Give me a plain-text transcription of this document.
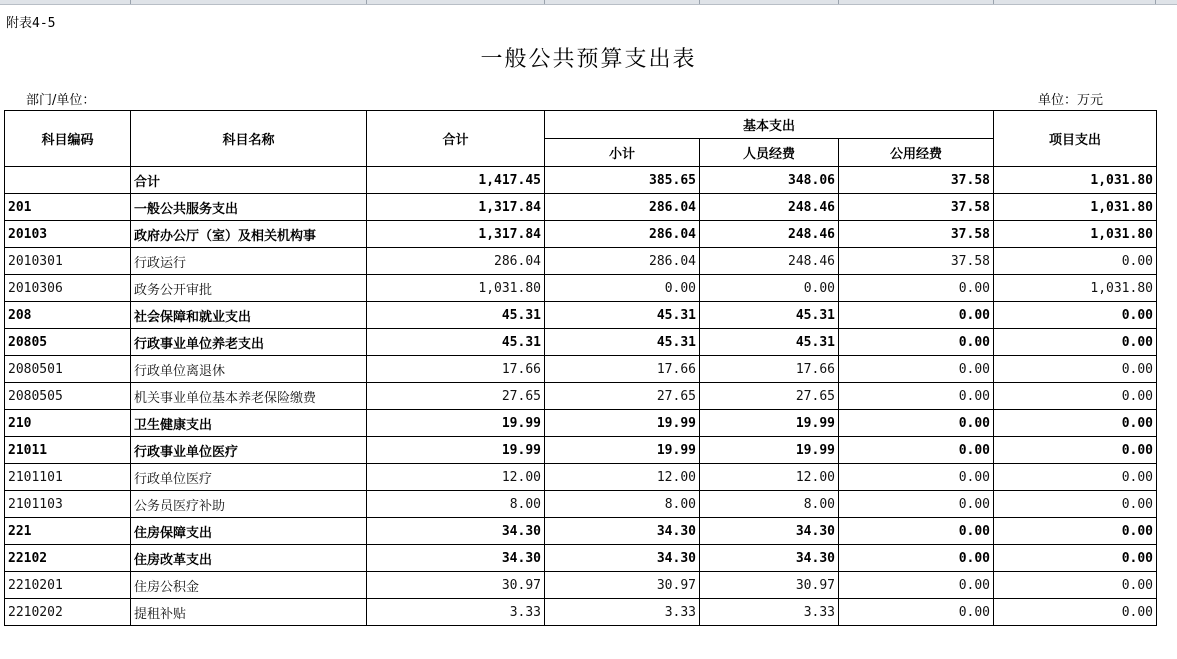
附表4-5
一般公共预算支出表
部门/单位：	单位：万元
科目编码	科目名称	合计	基本支出			项目支出
			小计	人员经费	公用经费	
	合计	1,417.45	385.65	348.06	37.58	1,031.80
201	一般公共服务支出	1,317.84	286.04	248.46	37.58	1,031.80
20103	政府办公厅（室）及相关机构事	1,317.84	286.04	248.46	37.58	1,031.80
2010301	行政运行	286.04	286.04	248.46	37.58	0.00
2010306	政务公开审批	1,031.80	0.00	0.00	0.00	1,031.80
208	社会保障和就业支出	45.31	45.31	45.31	0.00	0.00
20805	行政事业单位养老支出	45.31	45.31	45.31	0.00	0.00
2080501	行政单位离退休	17.66	17.66	17.66	0.00	0.00
2080505	机关事业单位基本养老保险缴费	27.65	27.65	27.65	0.00	0.00
210	卫生健康支出	19.99	19.99	19.99	0.00	0.00
21011	行政事业单位医疗	19.99	19.99	19.99	0.00	0.00
2101101	行政单位医疗	12.00	12.00	12.00	0.00	0.00
2101103	公务员医疗补助	8.00	8.00	8.00	0.00	0.00
221	住房保障支出	34.30	34.30	34.30	0.00	0.00
22102	住房改革支出	34.30	34.30	34.30	0.00	0.00
2210201	住房公积金	30.97	30.97	30.97	0.00	0.00
2210202	提租补贴	3.33	3.33	3.33	0.00	0.00
